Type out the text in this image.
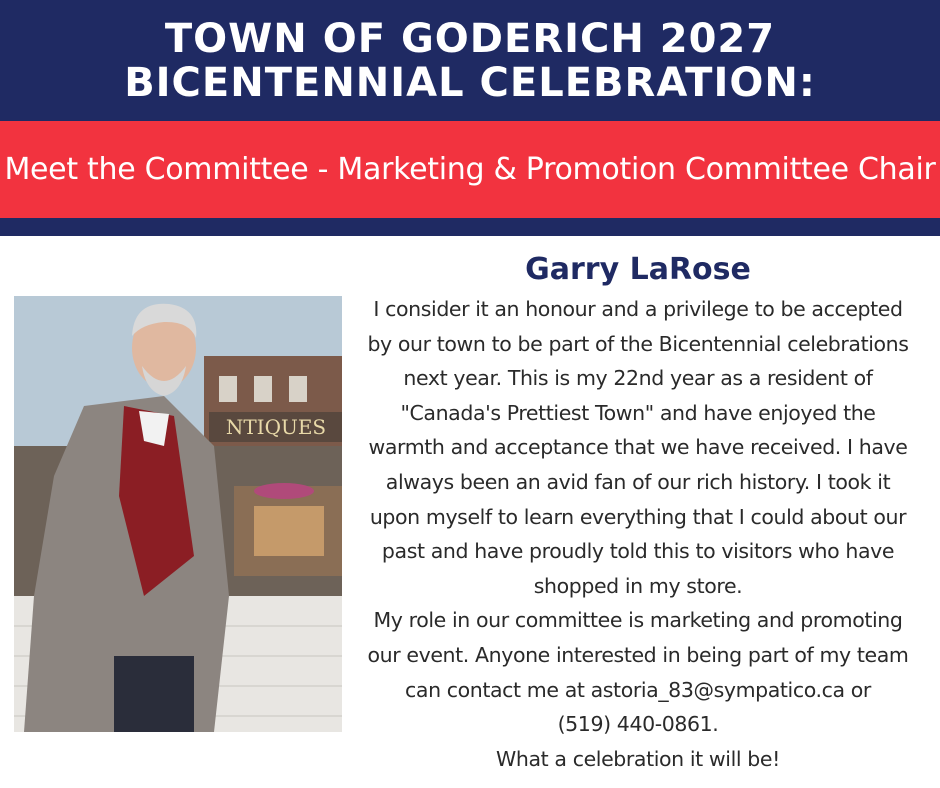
TOWN OF GODERICH 2027
BICENTENNIAL CELEBRATION:
Meet the Committee - Marketing & Promotion Committee Chair
NTIQUES
Garry LaRose
I consider it an honour and a privilege to be accepted
by our town to be part of the Bicentennial celebrations
next year. This is my 22nd year as a resident of
"Canada's Prettiest Town" and have enjoyed the
warmth and acceptance that we have received. I have
always been an avid fan of our rich history. I took it
upon myself to learn everything that I could about our
past and have proudly told this to visitors who have
shopped in my store.
My role in our committee is marketing and promoting
our event. Anyone interested in being part of my team
can contact me at astoria_83@sympatico.ca or
(519) 440-0861.
What a celebration it will be!
